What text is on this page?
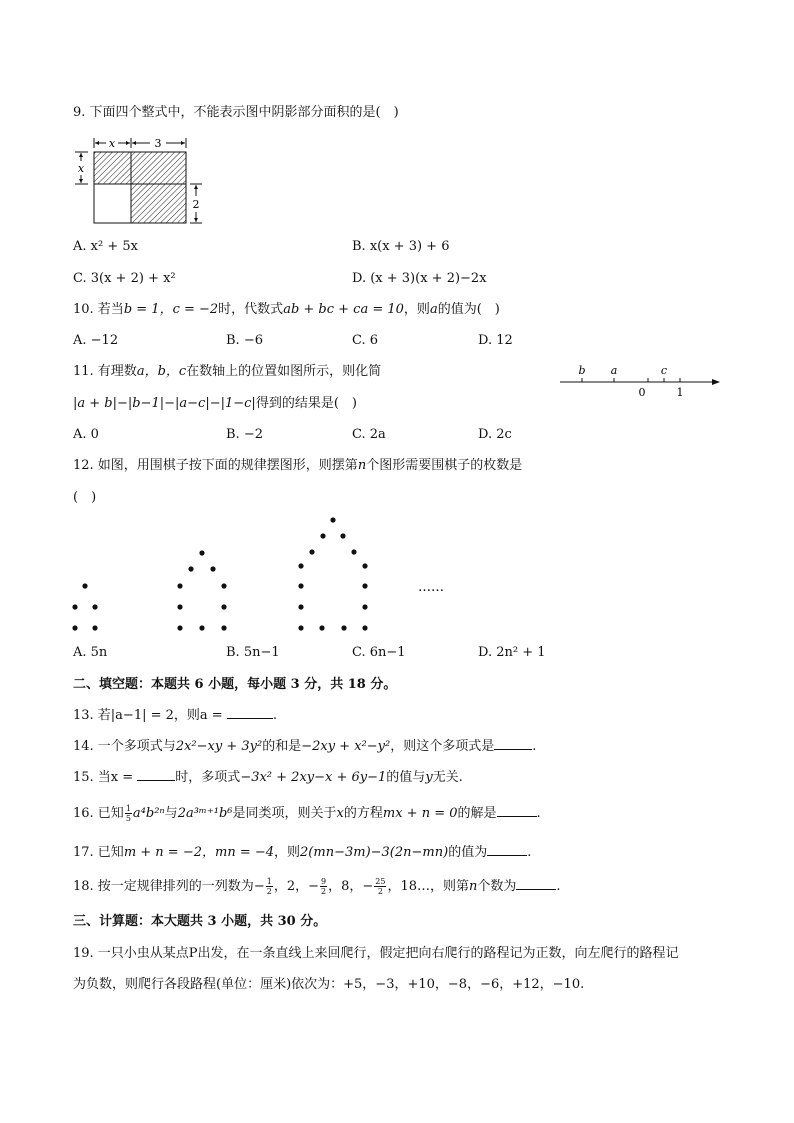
9. 下面四个整式中，不能表示图中阴影部分面积的是(　)
x	3
x
2
A. x² + 5x	B. x(x + 3) + 6
C. 3(x + 2) + x²	D. (x + 3)(x + 2)−2x
10. 若当b = 1，c = −2时，代数式ab + bc + ca = 10，则a的值为(　)
A. −12	B. −6	C. 6	D. 12
11. 有理数a，b，c在数轴上的位置如图所示，则化简
|a + b|−|b−1|−|a−c|−|1−c|得到的结果是(　)
b a	c
0	1
A. 0	B. −2	C. 2a	D. 2c
12. 如图，用围棋子按下面的规律摆图形，则摆第n个图形需要围棋子的枚数是
(　)
……
A. 5n	B. 5n−1	C. 6n−1	D. 2n² + 1
二、填空题：本题共 6 小题，每小题 3 分，共 18 分。
13. 若|a−1| = 2，则a =	.
14. 一个多项式与2x²−xy + 3y²的和是−2xy + x²−y²，则这个多项式是	.
15. 当x =	时，多项式−3x² + 2xy−x + 6y−1的值与y无关.
16. 已知 $\frac{1}{5} a^4b^{2n}$与2a³ᵐ⁺¹b⁶是同类项，则关于x的方程mx + n = 0的解是	.
17. 已知m + n = −2，mn = −4，则2(mn−3m)−3(2n−mn)的值为	.
18. 按一定规律排列的一列数为− $\frac{1}{2}$ ，2，− $\frac{9}{2}$ ，8，− $\frac{25}{2}$ ，18…，则第n个数为	.
三、计算题：本大题共 3 小题，共 30 分。
19. 一只小虫从某点P出发，在一条直线上来回爬行，假定把向右爬行的路程记为正数，向左爬行的路程记
为负数，则爬行各段路程(单位：厘米)依次为：+5，−3，+10，−8，−6，+12，−10.
